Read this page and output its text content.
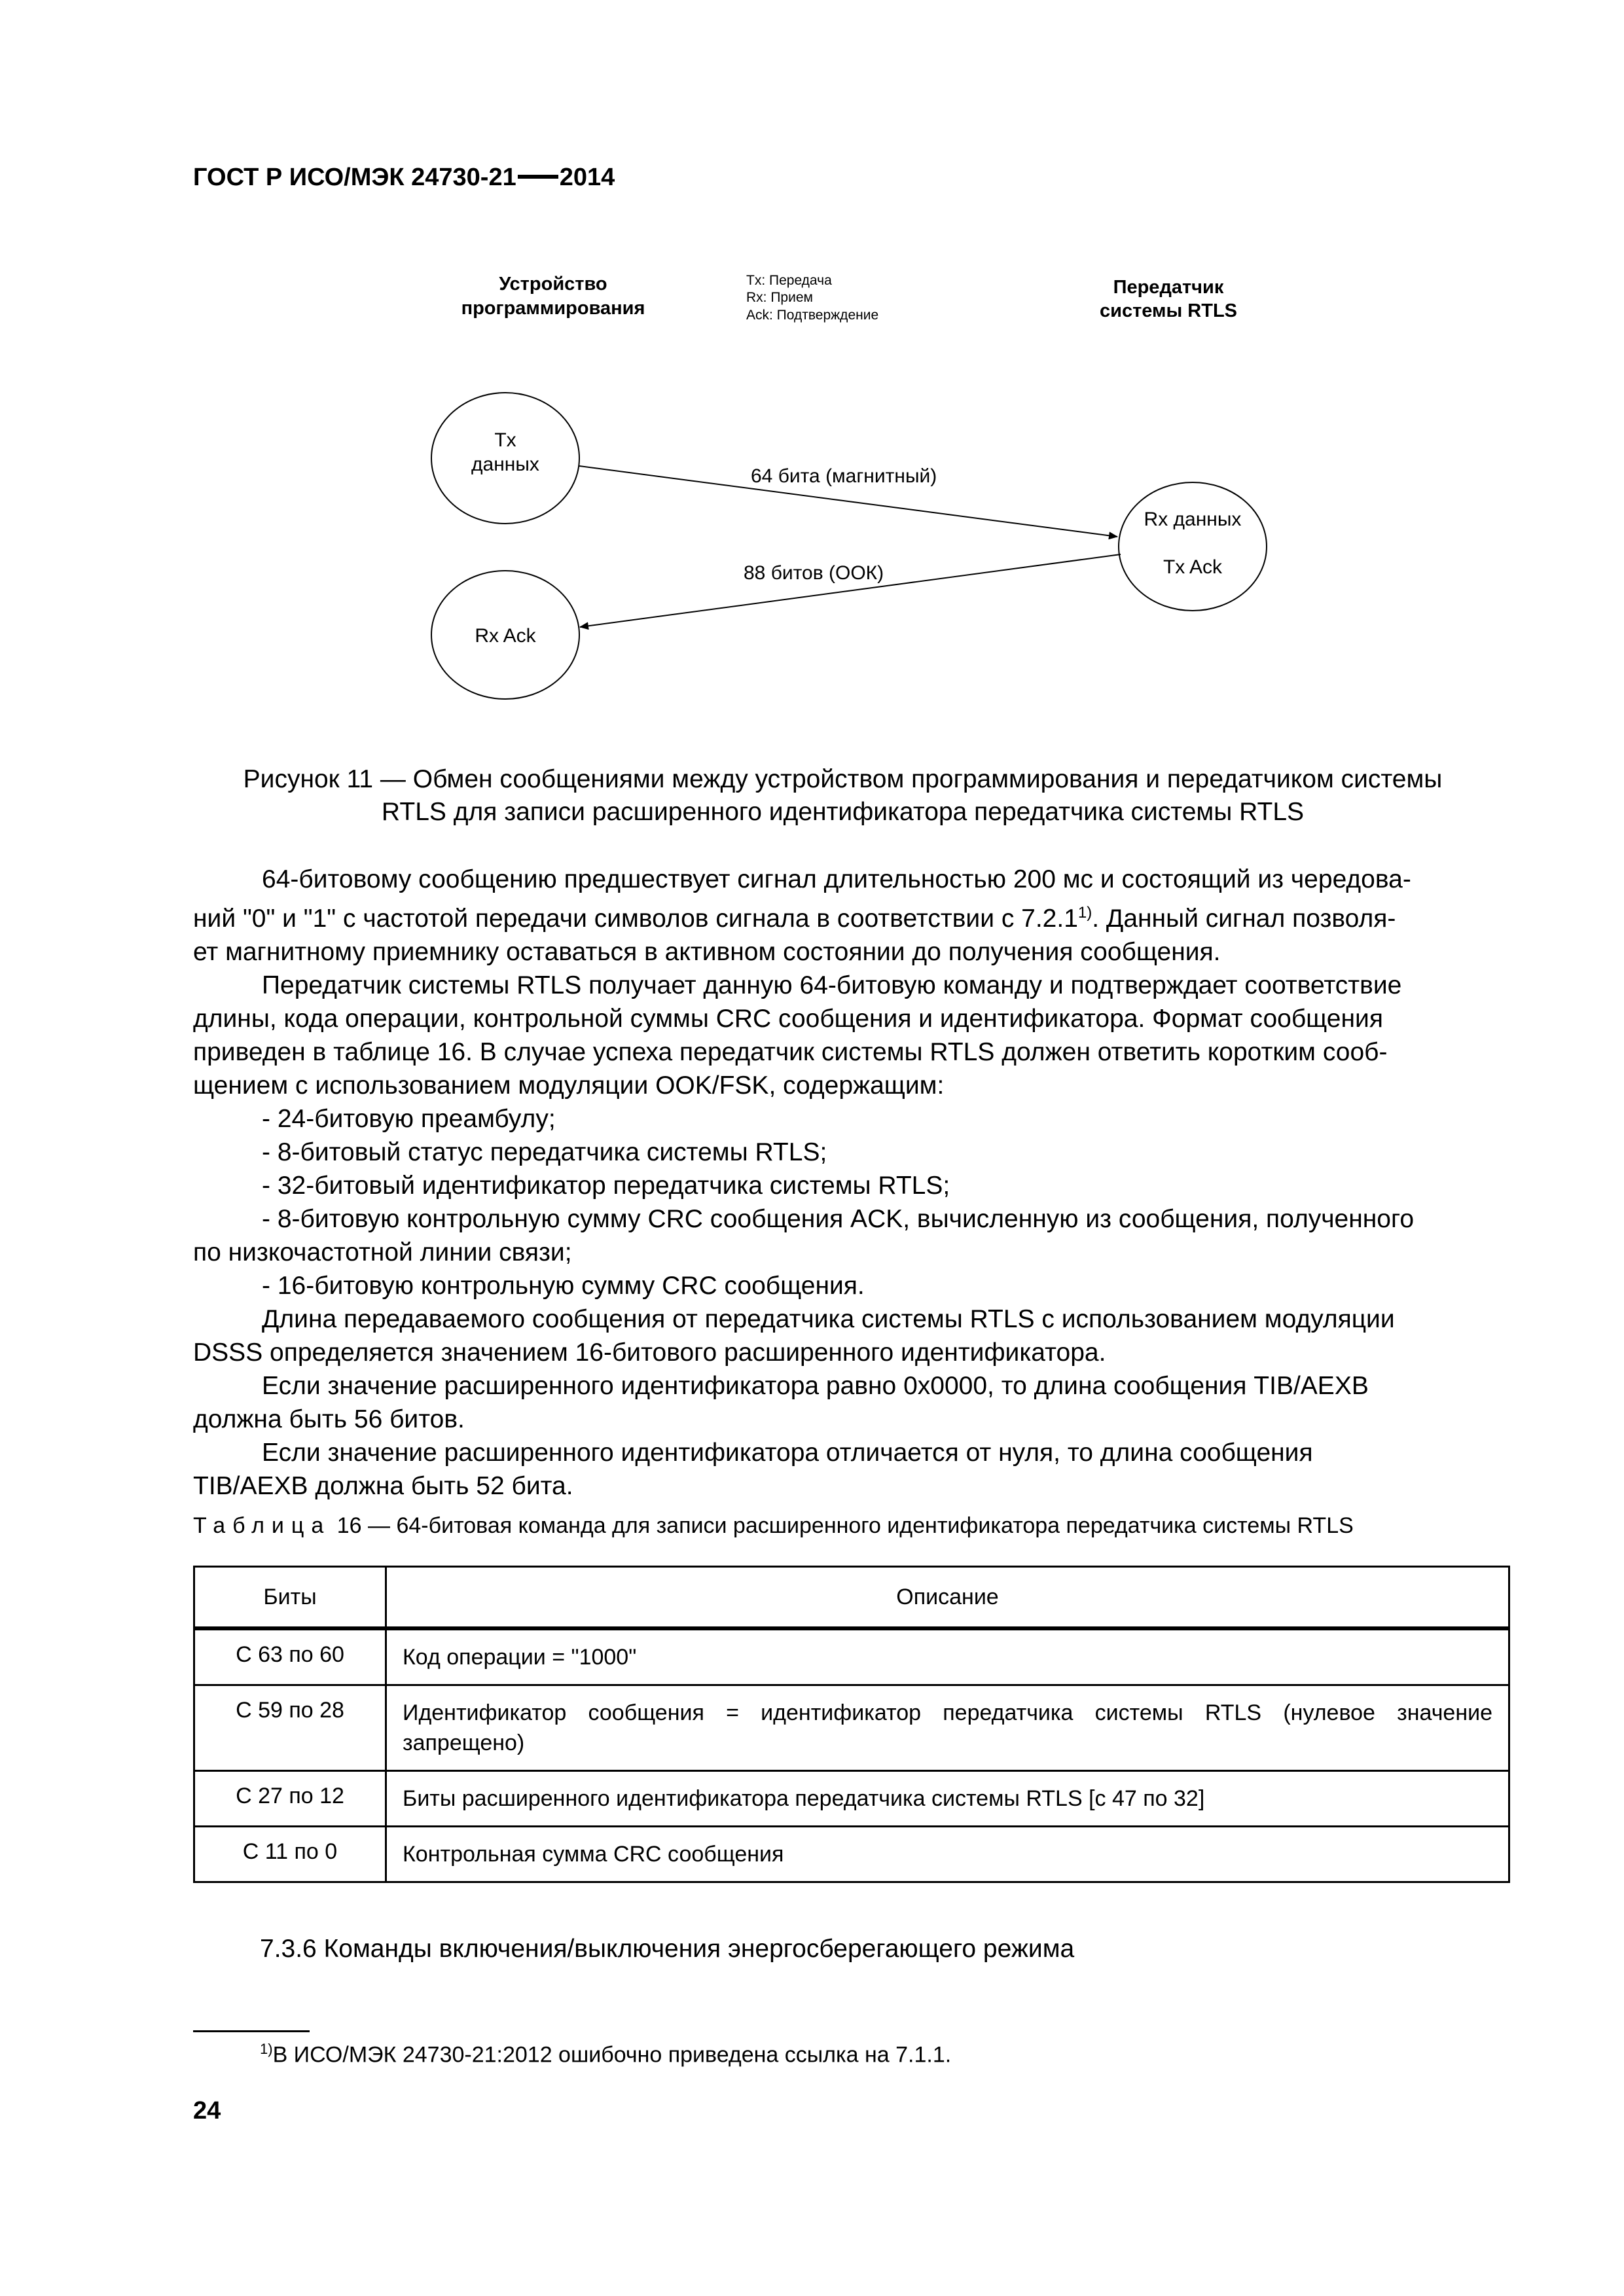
ГОСТ Р ИСО/МЭК 24730-21 2014
Устройство
программирования
Tx: Передача
Rx: Прием
Ack: Подтверждение
Передатчик
системы RTLS
Tx
данных
Rx Ack
Rx данных
Tx Ack
64 бита (магнитный)
88 битов (ООК)
Рисунок 11 — Обмен сообщениями между устройством программирования и передатчиком системы
RTLS для записи расширенного идентификатора передатчика системы RTLS
64-битовому сообщению предшествует сигнал длительностью 200 мс и состоящий из чередова-
ний "0" и "1" с частотой передачи символов сигнала в соответствии с 7.2.1$^{1)}$. Данный сигнал позволя-
ет магнитному приемнику оставаться в активном состоянии до получения сообщения.
Передатчик системы RTLS получает данную 64-битовую команду и подтверждает соответствие
длины, кода операции, контрольной суммы CRC сообщения и идентификатора. Формат сообщения
приведен в таблице 16. В случае успеха передатчик системы RTLS должен ответить коротким сооб-
щением с использованием модуляции OOK/FSK, содержащим:
- 24-битовую преамбулу;
- 8-битовый статус передатчика системы RTLS;
- 32-битовый идентификатор передатчика системы RTLS;
- 8-битовую контрольную сумму CRC сообщения ACK, вычисленную из сообщения, полученного
по низкочастотной линии связи;
- 16-битовую контрольную сумму CRC сообщения.
Длина передаваемого сообщения от передатчика системы RTLS с использованием модуляции
DSSS определяется значением 16-битового расширенного идентификатора.
Если значение расширенного идентификатора равно 0x0000, то длина сообщения TIB/AEXB
должна быть 56 битов.
Если значение расширенного идентификатора отличается от нуля, то длина сообщения
TIB/AEXB должна быть 52 бита.
Таблица 16 — 64-битовая команда для записи расширенного идентификатора передатчика системы RTLS
Биты	Описание
С 63 по 60	Код операции = "1000"
С 59 по 28	Идентификатор сообщения = идентификатор передатчика системы RTLS (нулевое значение запрещено)
С 27 по 12	Биты расширенного идентификатора передатчика системы RTLS [с 47 по 32]
С 11 по 0	Контрольная сумма CRC сообщения
7.3.6 Команды включения/выключения энергосберегающего режима
$^{1)}$В ИСО/МЭК 24730-21:2012 ошибочно приведена ссылка на 7.1.1.
24
